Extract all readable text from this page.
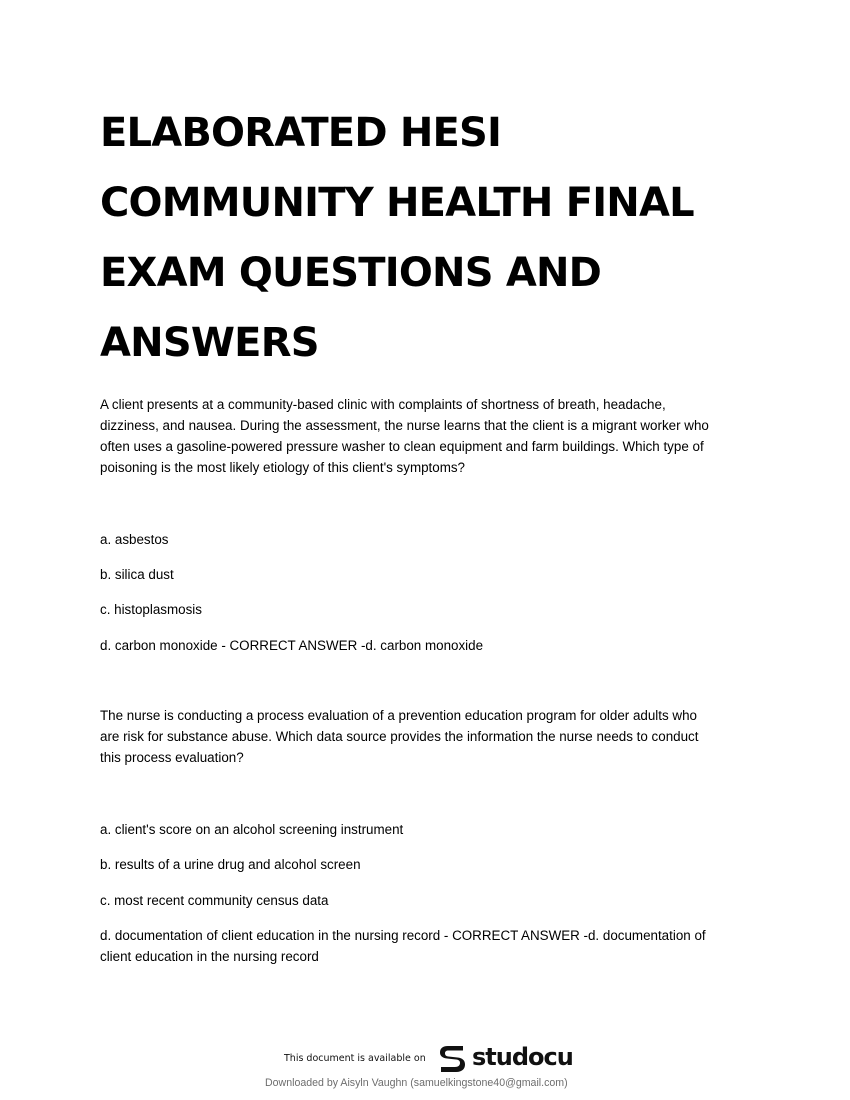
ELABORATED HESI
COMMUNITY HEALTH FINAL
EXAM QUESTIONS AND
ANSWERS
A client presents at a community-based clinic with complaints of shortness of breath, headache,
dizziness, and nausea. During the assessment, the nurse learns that the client is a migrant worker who
often uses a gasoline-powered pressure washer to clean equipment and farm buildings. Which type of
poisoning is the most likely etiology of this client's symptoms?

a. asbestos

b. silica dust

c. histoplasmosis

d. carbon monoxide - CORRECT ANSWER -d. carbon monoxide

The nurse is conducting a process evaluation of a prevention education program for older adults who
are risk for substance abuse. Which data source provides the information the nurse needs to conduct
this process evaluation?

a. client's score on an alcohol screening instrument

b. results of a urine drug and alcohol screen

c. most recent community census data

d. documentation of client education in the nursing record - CORRECT ANSWER -d. documentation of
client education in the nursing record
This document is available on studocu
Downloaded by Aisyln Vaughn (samuelkingstone40@gmail.com)
